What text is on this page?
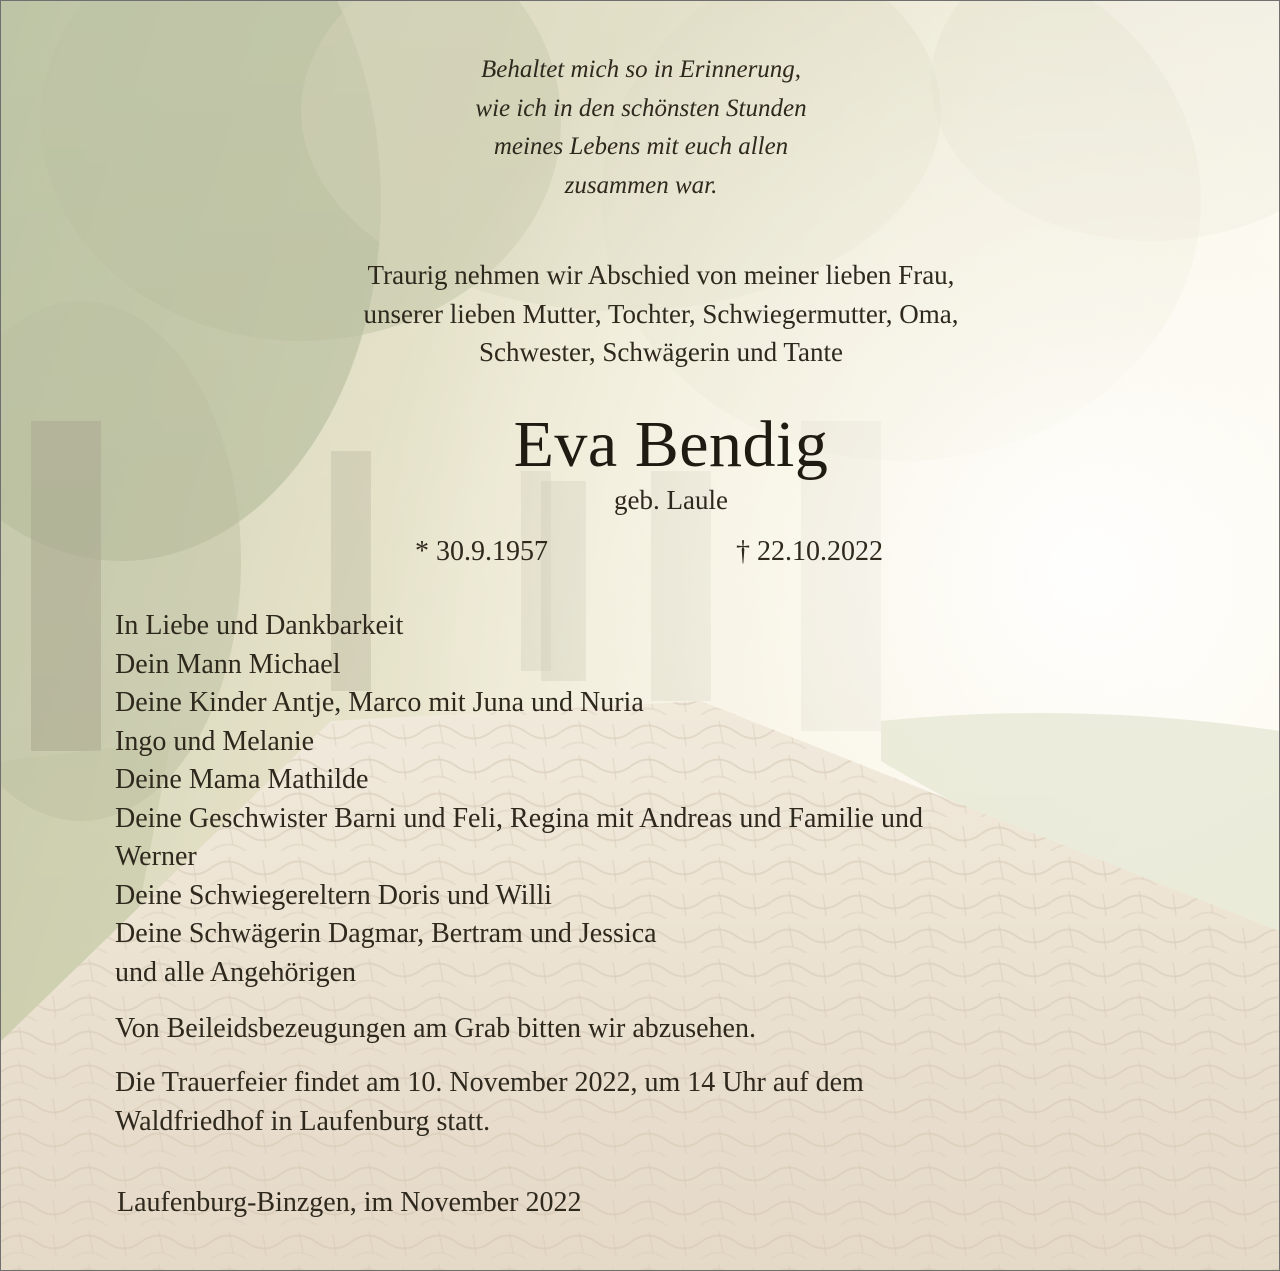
Behaltet mich so in Erinnerung,
wie ich in den schönsten Stunden
meines Lebens mit euch allen
zusammen war.
Traurig nehmen wir Abschied von meiner lieben Frau,
unserer lieben Mutter, Tochter, Schwiegermutter, Oma,
Schwester, Schwägerin und Tante
Eva Bendig
geb. Laule
* 30.9.1957	† 22.10.2022
In Liebe und Dankbarkeit
Dein Mann Michael
Deine Kinder Antje, Marco mit Juna und Nuria
Ingo und Melanie
Deine Mama Mathilde
Deine Geschwister Barni und Feli, Regina mit Andreas und Familie und
Werner
Deine Schwiegereltern Doris und Willi
Deine Schwägerin Dagmar, Bertram und Jessica
und alle Angehörigen
Von Beileidsbezeugungen am Grab bitten wir abzusehen.
Die Trauerfeier findet am 10. November 2022, um 14 Uhr auf dem
Waldfriedhof in Laufenburg statt.
Laufenburg-Binzgen, im November 2022
